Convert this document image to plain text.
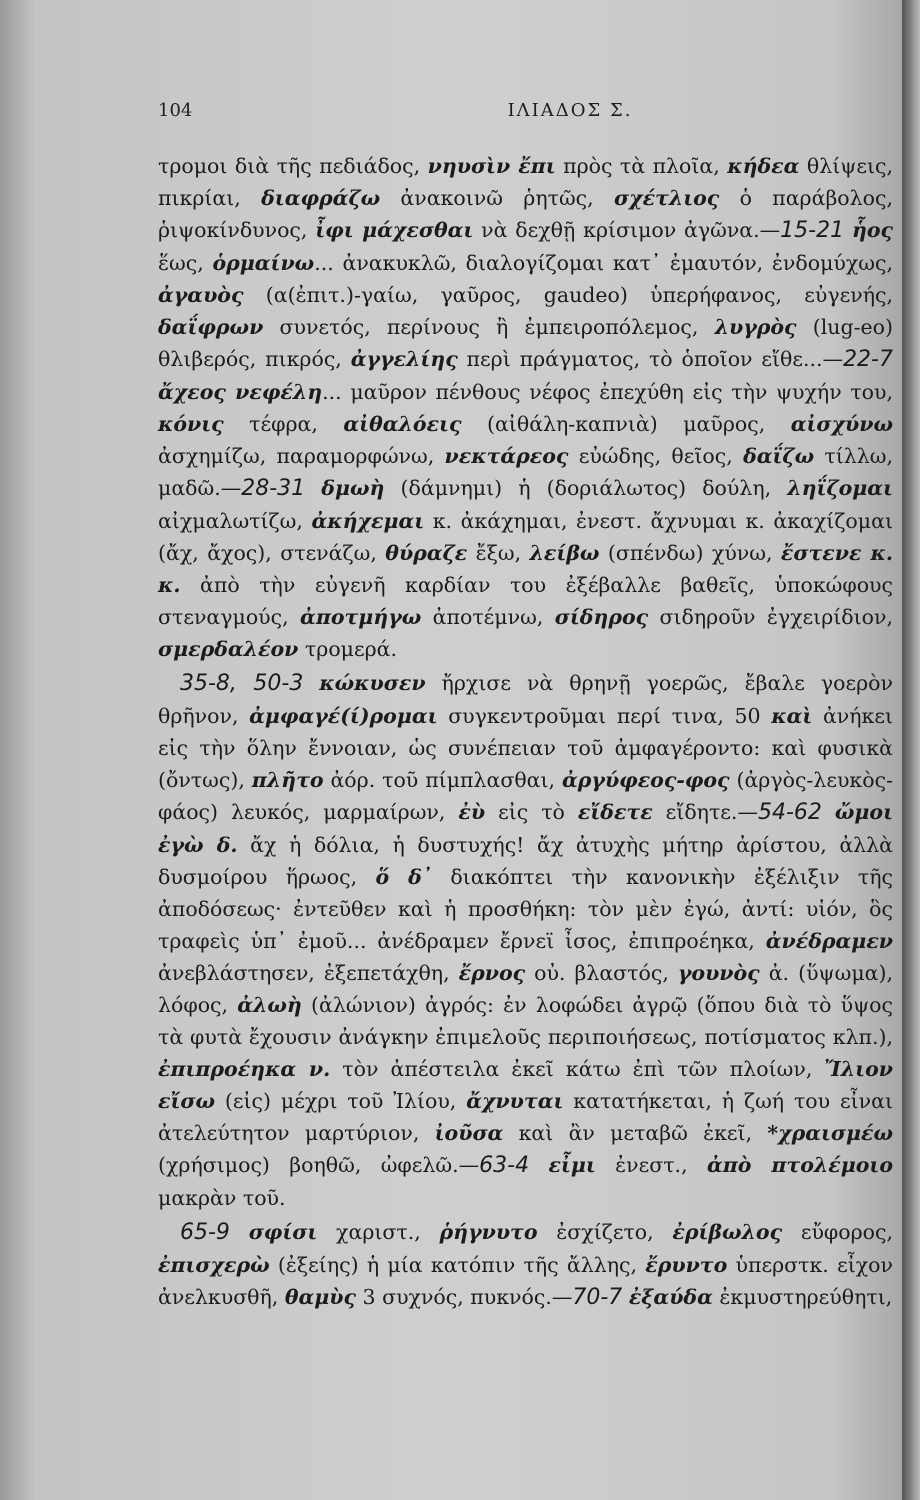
104	ΙΛΙΑΔΟΣ Σ.

τρομοι διὰ τῆς πεδιάδος, νηυσὶν ἔπι πρὸς τὰ πλοῖα, κήδεα θλίψεις, πικρίαι, διαφράζω ἀνακοινῶ ῥητῶς, σχέτλιος ὁ παράβολος, ῥιψοκίνδυνος, ἶφι μάχεσθαι νὰ δεχθῇ κρίσιμον ἀγῶνα.—15-21 ἧος ἕως, ὁρμαίνω... ἀνακυκλῶ, διαλογίζομαι κατ᾽ ἐμαυτόν, ἐνδομύχως, ἀγαυὸς (α(ἐπιτ.)-γαίω, γαῦρος, gaudeo) ὑπερήφανος, εὐγενής, δαΐφρων συνετός, περίνους ἢ ἐμπειροπόλεμος, λυγρὸς (lug-eo) θλιβερός, πικρός, ἀγγελίης περὶ πράγματος, τὸ ὁποῖον εἴθε...—22-7 ἄχεος νεφέλη... μαῦρον πένθους νέφος ἐπεχύθη εἰς τὴν ψυχήν του, κόνις τέφρα, αἰθαλόεις (αἰθάλη-καπνιὰ) μαῦρος, αἰσχύνω ἀσχημίζω, παραμορφώνω, νεκτάρεος εὐώδης, θεῖος, δαΐζω τίλλω, μαδῶ.—28-31 δμωὴ (δάμνημι) ἡ (δοριάλωτος) δούλη, ληΐζομαι αἰχμαλωτίζω, ἀκήχεμαι κ. ἀκάχημαι, ἐνεστ. ἄχνυμαι κ. ἀκαχίζομαι (ἄχ, ἄχος), στενάζω, θύραζε ἔξω, λείβω (σπένδω) χύνω, ἔστενε κ. κ. ἀπὸ τὴν εὐγενῆ καρδίαν του ἐξέβαλλε βαθεῖς, ὑποκώφους στεναγμούς, ἀποτμήγω ἀποτέμνω, σίδηρος σιδηροῦν ἐγχειρίδιον, σμερδαλέον τρομερά.

35-8, 50-3 κώκυσεν ἤρχισε νὰ θρηνῇ γοερῶς, ἔβαλε γοερὸν θρῆνον, ἀμφαγέ(ί)ρομαι συγκεντροῦμαι περί τινα, 50 καὶ ἀνήκει εἰς τὴν ὅλην ἔννοιαν, ὡς συνέπειαν τοῦ ἀμφαγέροντο: καὶ φυσικὰ (ὄντως), πλῆτο ἀόρ. τοῦ πίμπλασθαι, ἀργύφεος-φος (ἀργὸς-λευκὸς-φάος) λευκός, μαρμαίρων, ἐὺ εἰς τὸ εἴδετε εἴδητε.—54-62 ὤμοι ἐγὼ δ. ἄχ ἡ δόλια, ἡ δυστυχής! ἄχ ἀτυχὴς μήτηρ ἀρίστου, ἀλλὰ δυσμοίρου ἥρωος, ὅ δ᾽ διακόπτει τὴν κανονικὴν ἐξέλιξιν τῆς ἀποδόσεως· ἐντεῦθεν καὶ ἡ προσθήκη: τὸν μὲν ἐγώ, ἀντί: υἱόν, ὃς τραφεὶς ὑπ᾽ ἐμοῦ... ἀνέδραμεν ἔρνεϊ ἶσος, ἐπιπροέηκα, ἀνέδραμεν ἀνεβλάστησεν, ἐξεπετάχθη, ἔρνος οὐ. βλαστός, γουνὸς ἀ. (ὕψωμα), λόφος, ἀλωὴ (ἀλώνιον) ἀγρός: ἐν λοφώδει ἀγρῷ (ὅπου διὰ τὸ ὕψος τὰ φυτὰ ἔχουσιν ἀνάγκην ἐπιμελοῦς περιποιήσεως, ποτίσματος κλπ.), ἐπιπροέηκα ν. τὸν ἀπέστειλα ἐκεῖ κάτω ἐπὶ τῶν πλοίων, Ἴλιον εἴσω (εἰς) μέχρι τοῦ Ἰλίου, ἄχνυται κατατήκεται, ἡ ζωή του εἶναι ἀτελεύτητον μαρτύριον, ἰοῦσα καὶ ἂν μεταβῶ ἐκεῖ, *χραισμέω (χρήσιμος) βοηθῶ, ὠφελῶ.—63-4 εἶμι ἐνεστ., ἀπὸ πτολέμοιο μακρὰν τοῦ.

65-9 σφίσι χαριστ., ῥήγνυτο ἐσχίζετο, ἐρίβωλος εὔφορος, ἐπισχερὼ (ἐξείης) ἡ μία κατόπιν τῆς ἄλλης, ἔρυντο ὑπερστκ. εἶχον ἀνελκυσθῆ, θαμὺς 3 συχνός, πυκνός.—70-7 ἐξαύδα ἐκμυστηρεύθητι,
